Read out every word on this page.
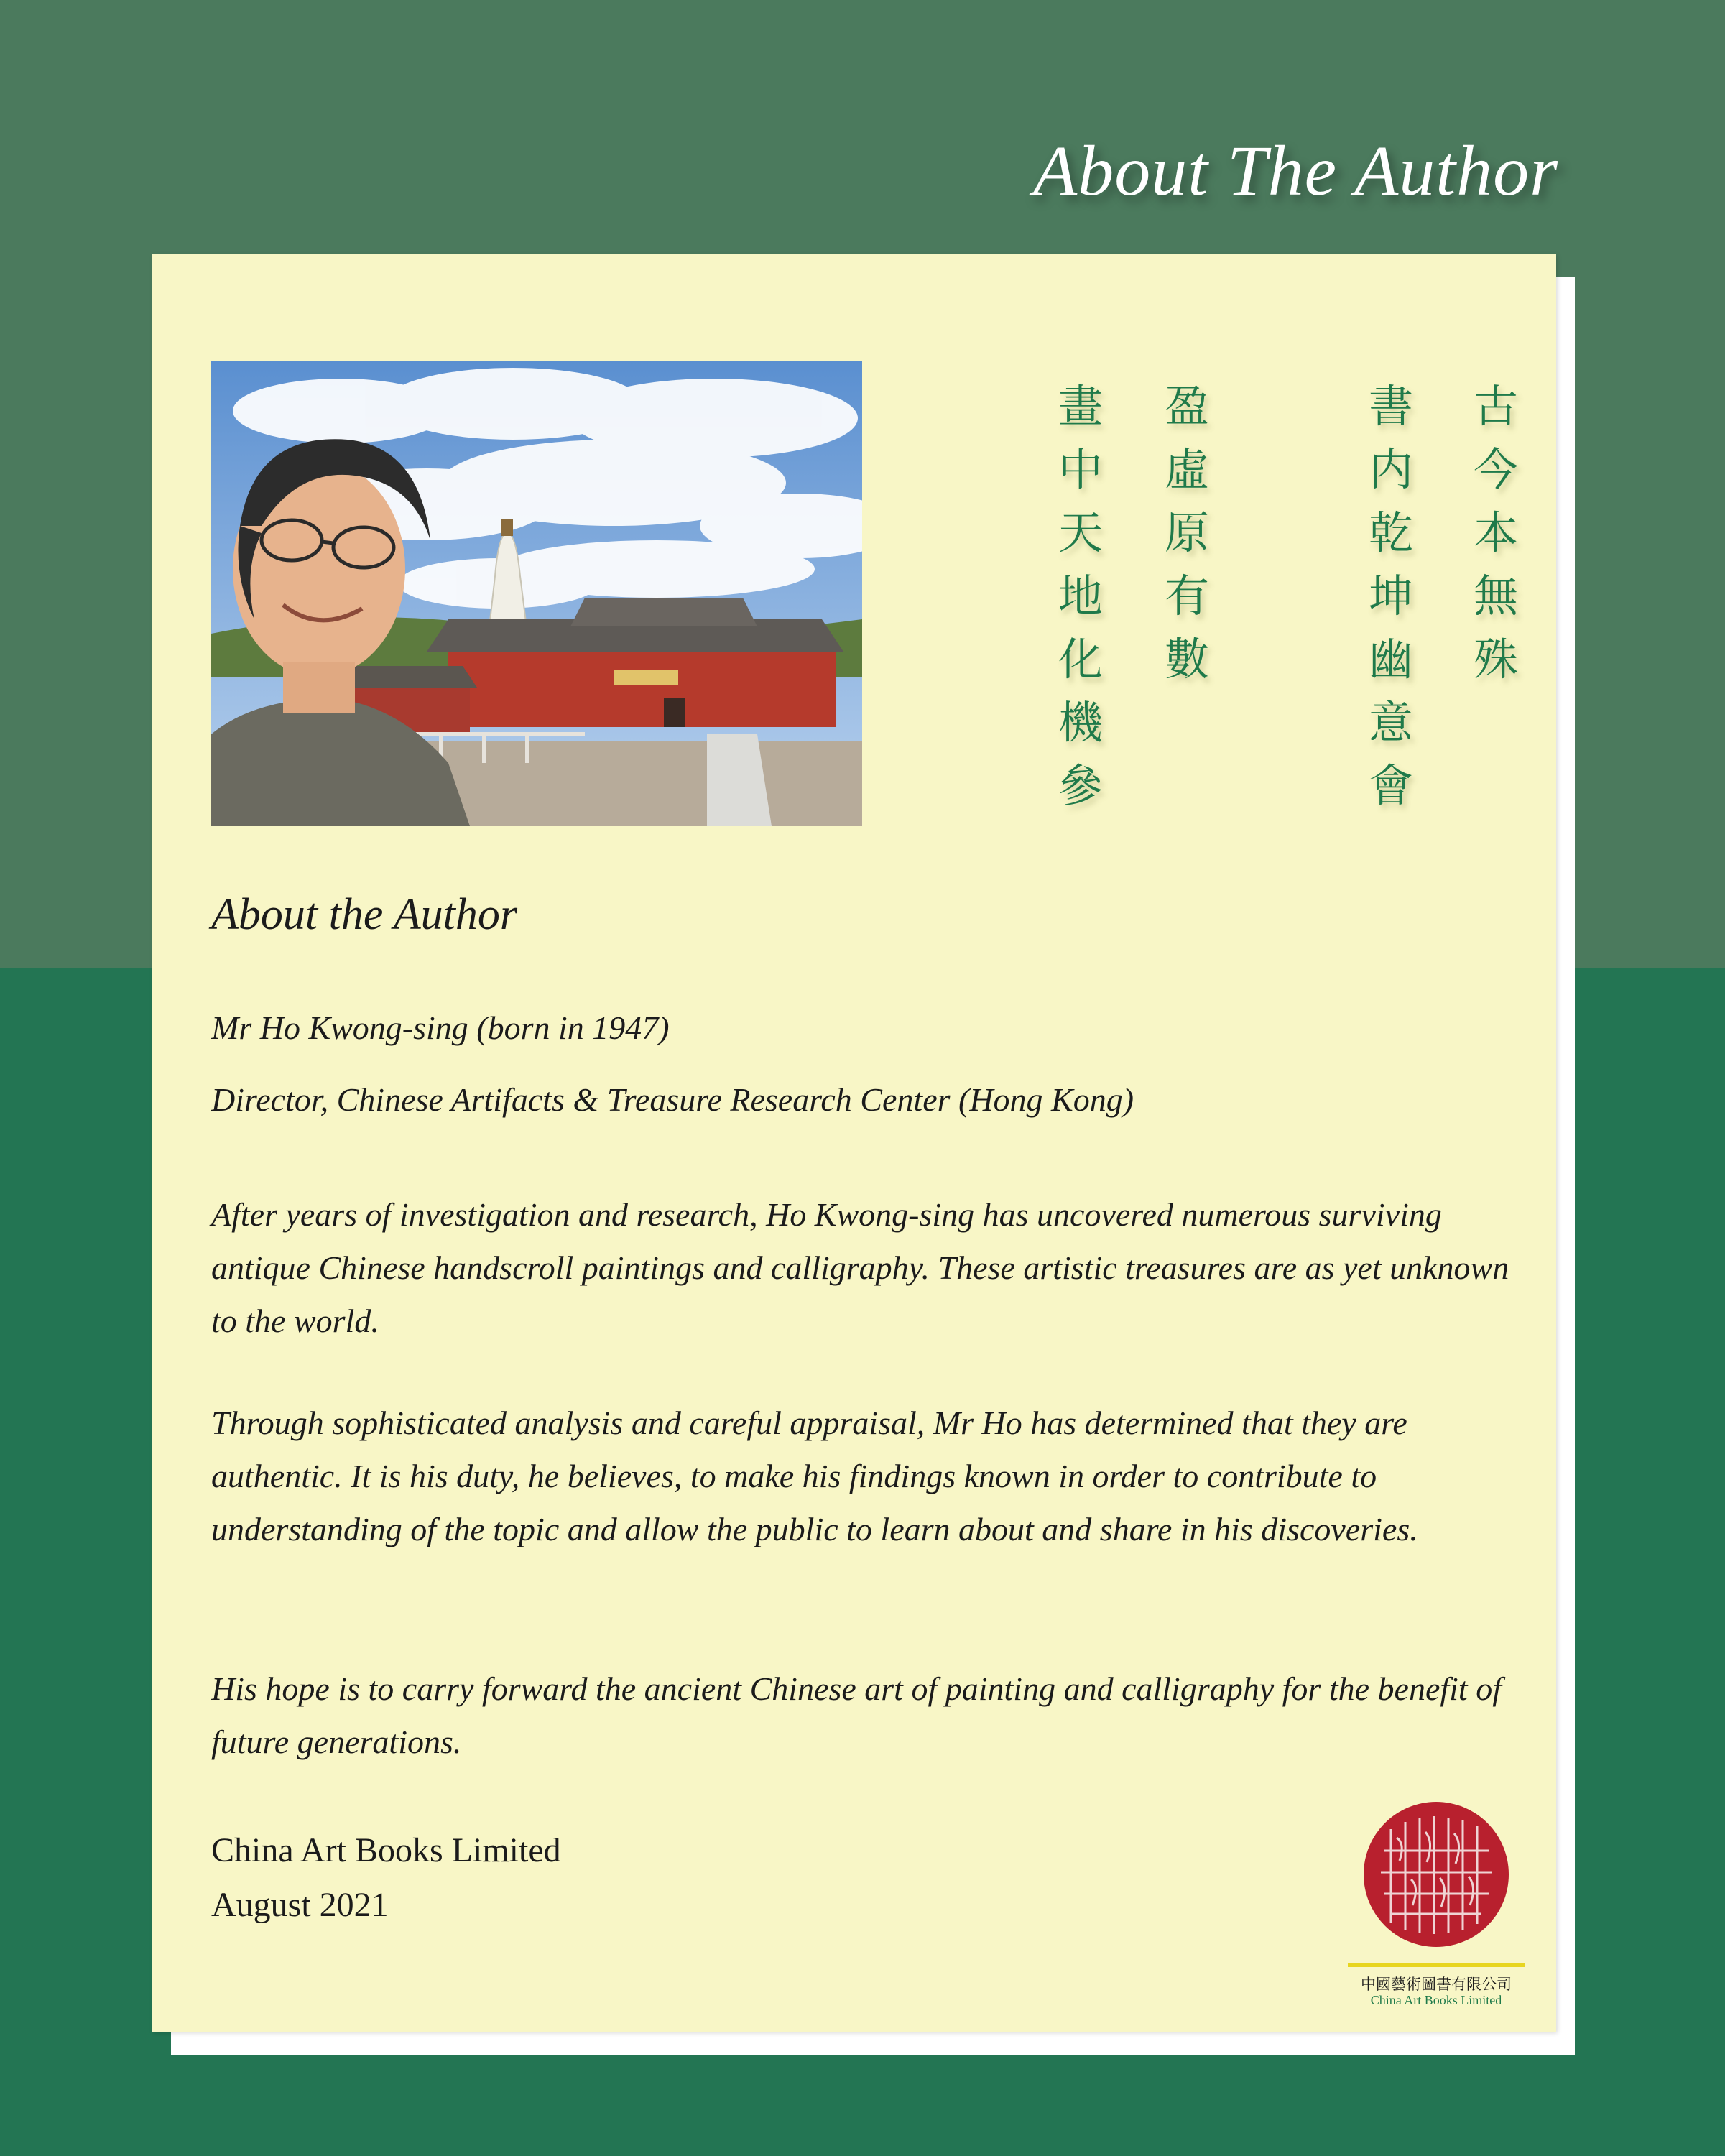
About The Author
古
今
本
無
殊
書
内
乾
坤
幽
意
會
盈
虛
原
有
數
畫
中
天
地
化
機
參
About the Author
Mr Ho Kwong-sing (born in 1947)
Director, Chinese Artifacts & Treasure Research Center (Hong Kong)
After years of investigation and research, Ho Kwong-sing has uncovered numerous surviving antique Chinese handscroll paintings and calligraphy. These artistic treasures are as yet unknown to the world.
Through sophisticated analysis and careful appraisal, Mr Ho has determined that they are authentic. It is his duty, he believes, to make his findings known in order to contribute to understanding of the topic and allow the public to learn about and share in his discoveries.
His hope is to carry forward the ancient Chinese art of painting and calligraphy for the benefit of future generations.
China Art Books Limited
August 2021
中國藝術圖書有限公司
China Art Books Limited
